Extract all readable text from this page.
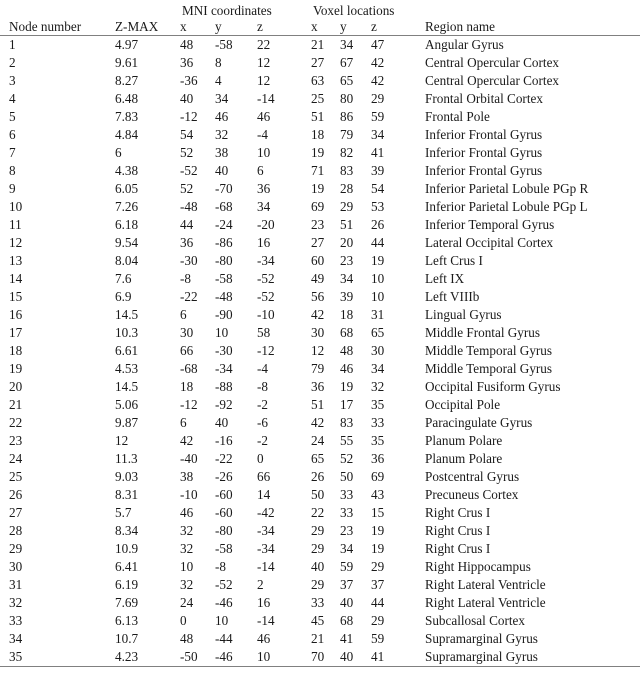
		MNI coordinates			Voxel locations			
Node number	Z-MAX	x	y	z	x	y	z	Region name
1	4.97	48	-58	22	21	34	47	Angular Gyrus
2	9.61	36	8	12	27	67	42	Central Opercular Cortex
3	8.27	-36	4	12	63	65	42	Central Opercular Cortex
4	6.48	40	34	-14	25	80	29	Frontal Orbital Cortex
5	7.83	-12	46	46	51	86	59	Frontal Pole
6	4.84	54	32	-4	18	79	34	Inferior Frontal Gyrus
7	6	52	38	10	19	82	41	Inferior Frontal Gyrus
8	4.38	-52	40	6	71	83	39	Inferior Frontal Gyrus
9	6.05	52	-70	36	19	28	54	Inferior Parietal Lobule PGp R
10	7.26	-48	-68	34	69	29	53	Inferior Parietal Lobule PGp L
11	6.18	44	-24	-20	23	51	26	Inferior Temporal Gyrus
12	9.54	36	-86	16	27	20	44	Lateral Occipital Cortex
13	8.04	-30	-80	-34	60	23	19	Left Crus I
14	7.6	-8	-58	-52	49	34	10	Left IX
15	6.9	-22	-48	-52	56	39	10	Left VIIIb
16	14.5	6	-90	-10	42	18	31	Lingual Gyrus
17	10.3	30	10	58	30	68	65	Middle Frontal Gyrus
18	6.61	66	-30	-12	12	48	30	Middle Temporal Gyrus
19	4.53	-68	-34	-4	79	46	34	Middle Temporal Gyrus
20	14.5	18	-88	-8	36	19	32	Occipital Fusiform Gyrus
21	5.06	-12	-92	-2	51	17	35	Occipital Pole
22	9.87	6	40	-6	42	83	33	Paracingulate Gyrus
23	12	42	-16	-2	24	55	35	Planum Polare
24	11.3	-40	-22	0	65	52	36	Planum Polare
25	9.03	38	-26	66	26	50	69	Postcentral Gyrus
26	8.31	-10	-60	14	50	33	43	Precuneus Cortex
27	5.7	46	-60	-42	22	33	15	Right Crus I
28	8.34	32	-80	-34	29	23	19	Right Crus I
29	10.9	32	-58	-34	29	34	19	Right Crus I
30	6.41	10	-8	-14	40	59	29	Right Hippocampus
31	6.19	32	-52	2	29	37	37	Right Lateral Ventricle
32	7.69	24	-46	16	33	40	44	Right Lateral Ventricle
33	6.13	0	10	-14	45	68	29	Subcallosal Cortex
34	10.7	48	-44	46	21	41	59	Supramarginal Gyrus
35	4.23	-50	-46	10	70	40	41	Supramarginal Gyrus
